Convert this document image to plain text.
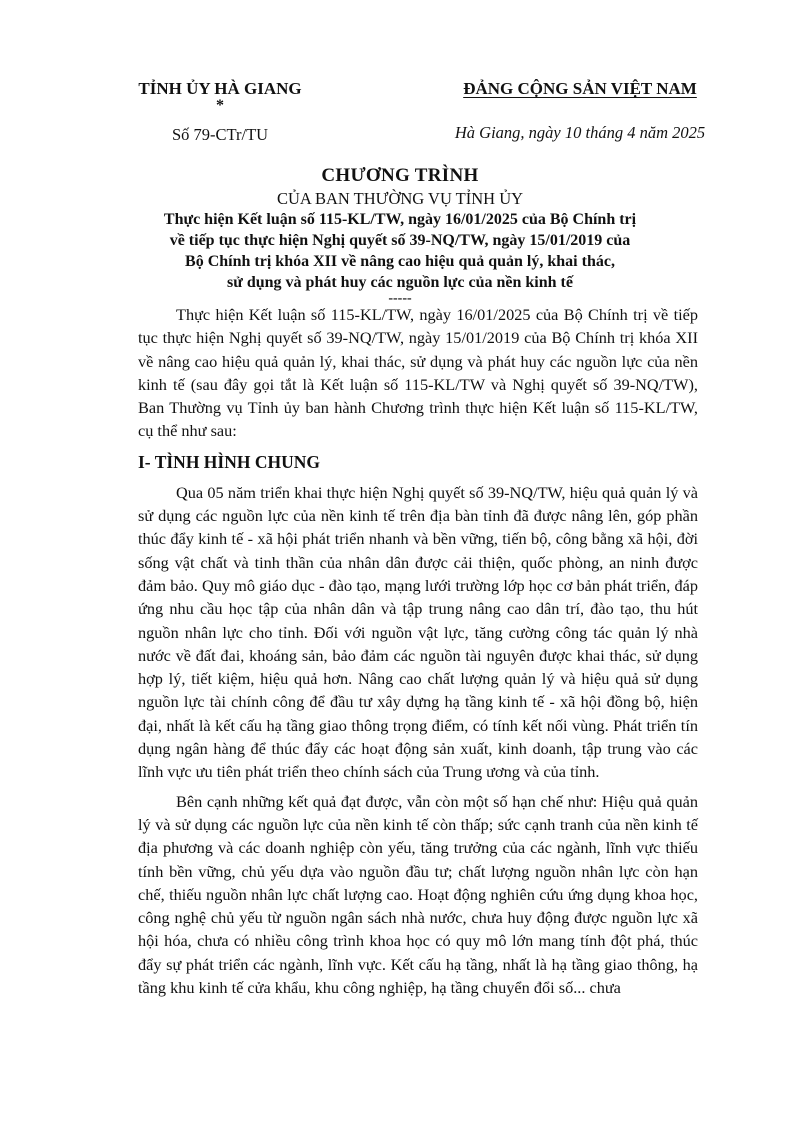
TỈNH ỦY HÀ GIANG
*
Số 79-CTr/TU
ĐẢNG CỘNG SẢN VIỆT NAM
Hà Giang, ngày 10 tháng 4 năm 2025
CHƯƠNG TRÌNH
CỦA BAN THƯỜNG VỤ TỈNH ỦY
Thực hiện Kết luận số 115-KL/TW, ngày 16/01/2025 của Bộ Chính trị
về tiếp tục thực hiện Nghị quyết số 39-NQ/TW, ngày 15/01/2019 của
Bộ Chính trị khóa XII về nâng cao hiệu quả quản lý, khai thác,
sử dụng và phát huy các nguồn lực của nền kinh tế
-----

Thực hiện Kết luận số 115-KL/TW, ngày 16/01/2025 của Bộ Chính trị về tiếp tục thực hiện Nghị quyết số 39-NQ/TW, ngày 15/01/2019 của Bộ Chính trị khóa XII về nâng cao hiệu quả quản lý, khai thác, sử dụng và phát huy các nguồn lực của nền kinh tế (sau đây gọi tắt là Kết luận số 115-KL/TW và Nghị quyết số 39-NQ/TW), Ban Thường vụ Tỉnh ủy ban hành Chương trình thực hiện Kết luận số 115-KL/TW, cụ thể như sau:

I- TÌNH HÌNH CHUNG

Qua 05 năm triển khai thực hiện Nghị quyết số 39-NQ/TW, hiệu quả quản lý và sử dụng các nguồn lực của nền kinh tế trên địa bàn tỉnh đã được nâng lên, góp phần thúc đẩy kinh tế - xã hội phát triển nhanh và bền vững, tiến bộ, công bằng xã hội, đời sống vật chất và tinh thần của nhân dân được cải thiện, quốc phòng, an ninh được đảm bảo. Quy mô giáo dục - đào tạo, mạng lưới trường lớp học cơ bản phát triển, đáp ứng nhu cầu học tập của nhân dân và tập trung nâng cao dân trí, đào tạo, thu hút nguồn nhân lực cho tỉnh. Đối với nguồn vật lực, tăng cường công tác quản lý nhà nước về đất đai, khoáng sản, bảo đảm các nguồn tài nguyên được khai thác, sử dụng hợp lý, tiết kiệm, hiệu quả hơn. Nâng cao chất lượng quản lý và hiệu quả sử dụng nguồn lực tài chính công để đầu tư xây dựng hạ tầng kinh tế - xã hội đồng bộ, hiện đại, nhất là kết cấu hạ tầng giao thông trọng điểm, có tính kết nối vùng. Phát triển tín dụng ngân hàng để thúc đẩy các hoạt động sản xuất, kinh doanh, tập trung vào các lĩnh vực ưu tiên phát triển theo chính sách của Trung ương và của tỉnh.

Bên cạnh những kết quả đạt được, vẫn còn một số hạn chế như: Hiệu quả quản lý và sử dụng các nguồn lực của nền kinh tế còn thấp; sức cạnh tranh của nền kinh tế địa phương và các doanh nghiệp còn yếu, tăng trưởng của các ngành, lĩnh vực thiếu tính bền vững, chủ yếu dựa vào nguồn đầu tư; chất lượng nguồn nhân lực còn hạn chế, thiếu nguồn nhân lực chất lượng cao. Hoạt động nghiên cứu ứng dụng khoa học, công nghệ chủ yếu từ nguồn ngân sách nhà nước, chưa huy động được nguồn lực xã hội hóa, chưa có nhiều công trình khoa học có quy mô lớn mang tính đột phá, thúc đẩy sự phát triển các ngành, lĩnh vực. Kết cấu hạ tầng, nhất là hạ tầng giao thông, hạ tầng khu kinh tế cửa khẩu, khu công nghiệp, hạ tầng chuyển đổi số... chưa
